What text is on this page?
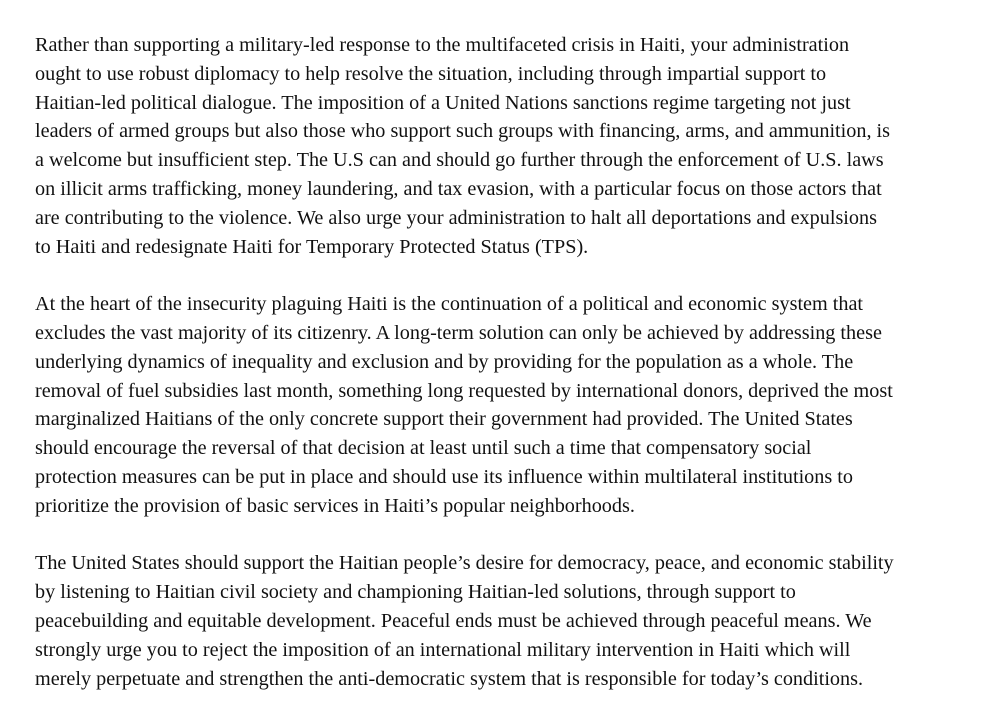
Rather than supporting a military-led response to the multifaceted crisis in Haiti, your administration
ought to use robust diplomacy to help resolve the situation, including through impartial support to
Haitian-led political dialogue. The imposition of a United Nations sanctions regime targeting not just
leaders of armed groups but also those who support such groups with financing, arms, and ammunition, is
a welcome but insufficient step. The U.S can and should go further through the enforcement of U.S. laws
on illicit arms trafficking, money laundering, and tax evasion, with a particular focus on those actors that
are contributing to the violence. We also urge your administration to halt all deportations and expulsions
to Haiti and redesignate Haiti for Temporary Protected Status (TPS).
At the heart of the insecurity plaguing Haiti is the continuation of a political and economic system that
excludes the vast majority of its citizenry. A long-term solution can only be achieved by addressing these
underlying dynamics of inequality and exclusion and by providing for the population as a whole. The
removal of fuel subsidies last month, something long requested by international donors, deprived the most
marginalized Haitians of the only concrete support their government had provided. The United States
should encourage the reversal of that decision at least until such a time that compensatory social
protection measures can be put in place and should use its influence within multilateral institutions to
prioritize the provision of basic services in Haiti’s popular neighborhoods.
The United States should support the Haitian people’s desire for democracy, peace, and economic stability
by listening to Haitian civil society and championing Haitian-led solutions, through support to
peacebuilding and equitable development. Peaceful ends must be achieved through peaceful means. We
strongly urge you to reject the imposition of an international military intervention in Haiti which will
merely perpetuate and strengthen the anti-democratic system that is responsible for today’s conditions.
